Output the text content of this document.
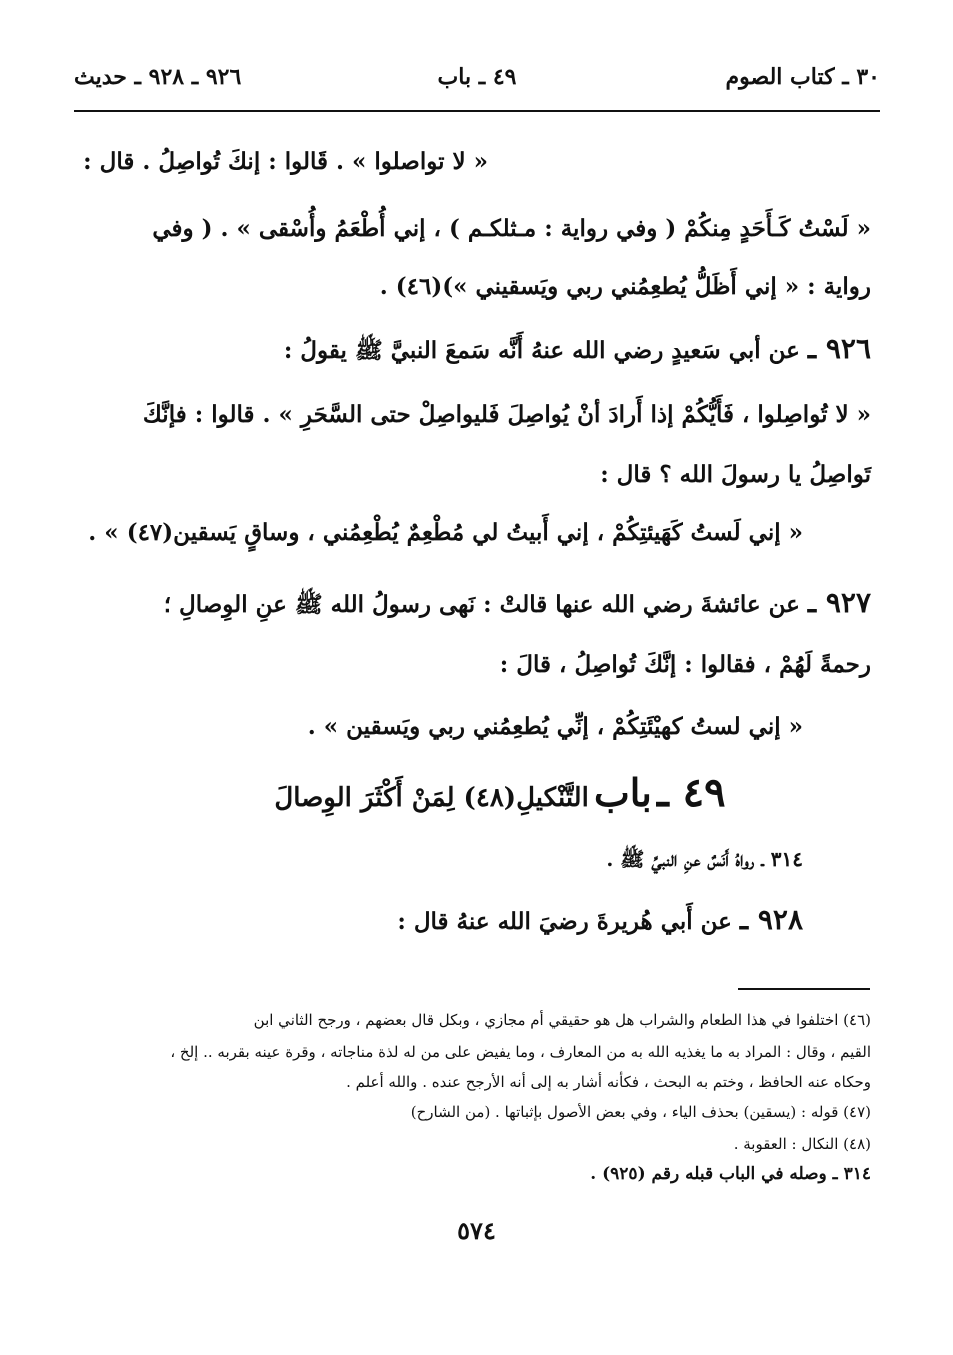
٣٠ ـ كتاب الصوم
٤٩ ـ باب
٩٢٦ ـ ٩٢٨ ـ حديث
« لا تواصلوا » . قَالوا : إنكَ تُواصِلُ . قال :
« لَسْتُ كَـأَحَدٍ مِنكُمْ ( وفي رواية : مـثلكـم ) ، إني أُطْعَمُ وأُسْقى » . ( وفي
رواية : « إني أَظَلُّ يُطعِمُني ربي ويَسقيني »)(٤٦) .
٩٢٦ ـ عن أبي سَعيدٍ رضي الله عنهُ أَنَّه سَمعَ النبيَّ ﷺ يقولُ :
« لا تُواصِلوا ، فَأَيُّكُمْ إذا أَرادَ أنْ يُواصِلَ فَليواصِلْ حتى السَّحَرِ » . قالوا : فإنَّكَ
تَواصِلُ يا رسولَ الله ؟ قال :
« إني لَستُ كَهَيئتِكُمْ ، إني أَبيتُ لي مُطْعِمٌ يُطْعِمُني ، وساقٍ يَسقين(٤٧) » .
٩٢٧ ـ عن عائشةَ رضي الله عنها قالتْ : نَهى رسولُ الله ﷺ عنِ الوِصالِ ؛
رحمةً لَهُمْ ، فقالوا : إنَّكَ تُواصِلُ ، قالَ :
« إني لستُ كهيْئَتِكُمْ ، إنِّي يُطعِمُني ربي ويَسقين » .
٤٩ ـ باب التَّنْكيلِ(٤٨) لِمَنْ أَكْثَرَ الوِصالَ
٣١٤ ـ رواهُ أَنَسٌ عنِ النبيِّ ﷺ .
٩٢٨ ـ عن أَبي هُريرةَ رضيَ الله عنهُ قال :
(٤٦) اختلفوا في هذا الطعام والشراب هل هو حقيقي أم مجازي ، وبكل قال بعضهم ، ورجح الثاني ابن
القيم ، وقال : المراد به ما يغذيه الله به من المعارف ، وما يفيض على من له لذة مناجاته ، وقرة عينه بقربه .. إلخ ،
وحكاه عنه الحافظ ، وختم به البحث ، فكأنه أشار به إلى أنه الأرجح عنده . والله أعلم .
(٤٧) قوله : (يسقين) بحذف الياء ، وفي بعض الأصول بإثباتها . (من الشارح)
(٤٨) النكال : العقوبة .
٣١٤ ـ وصله في الباب قبله رقم (٩٢٥) .
٥٧٤
